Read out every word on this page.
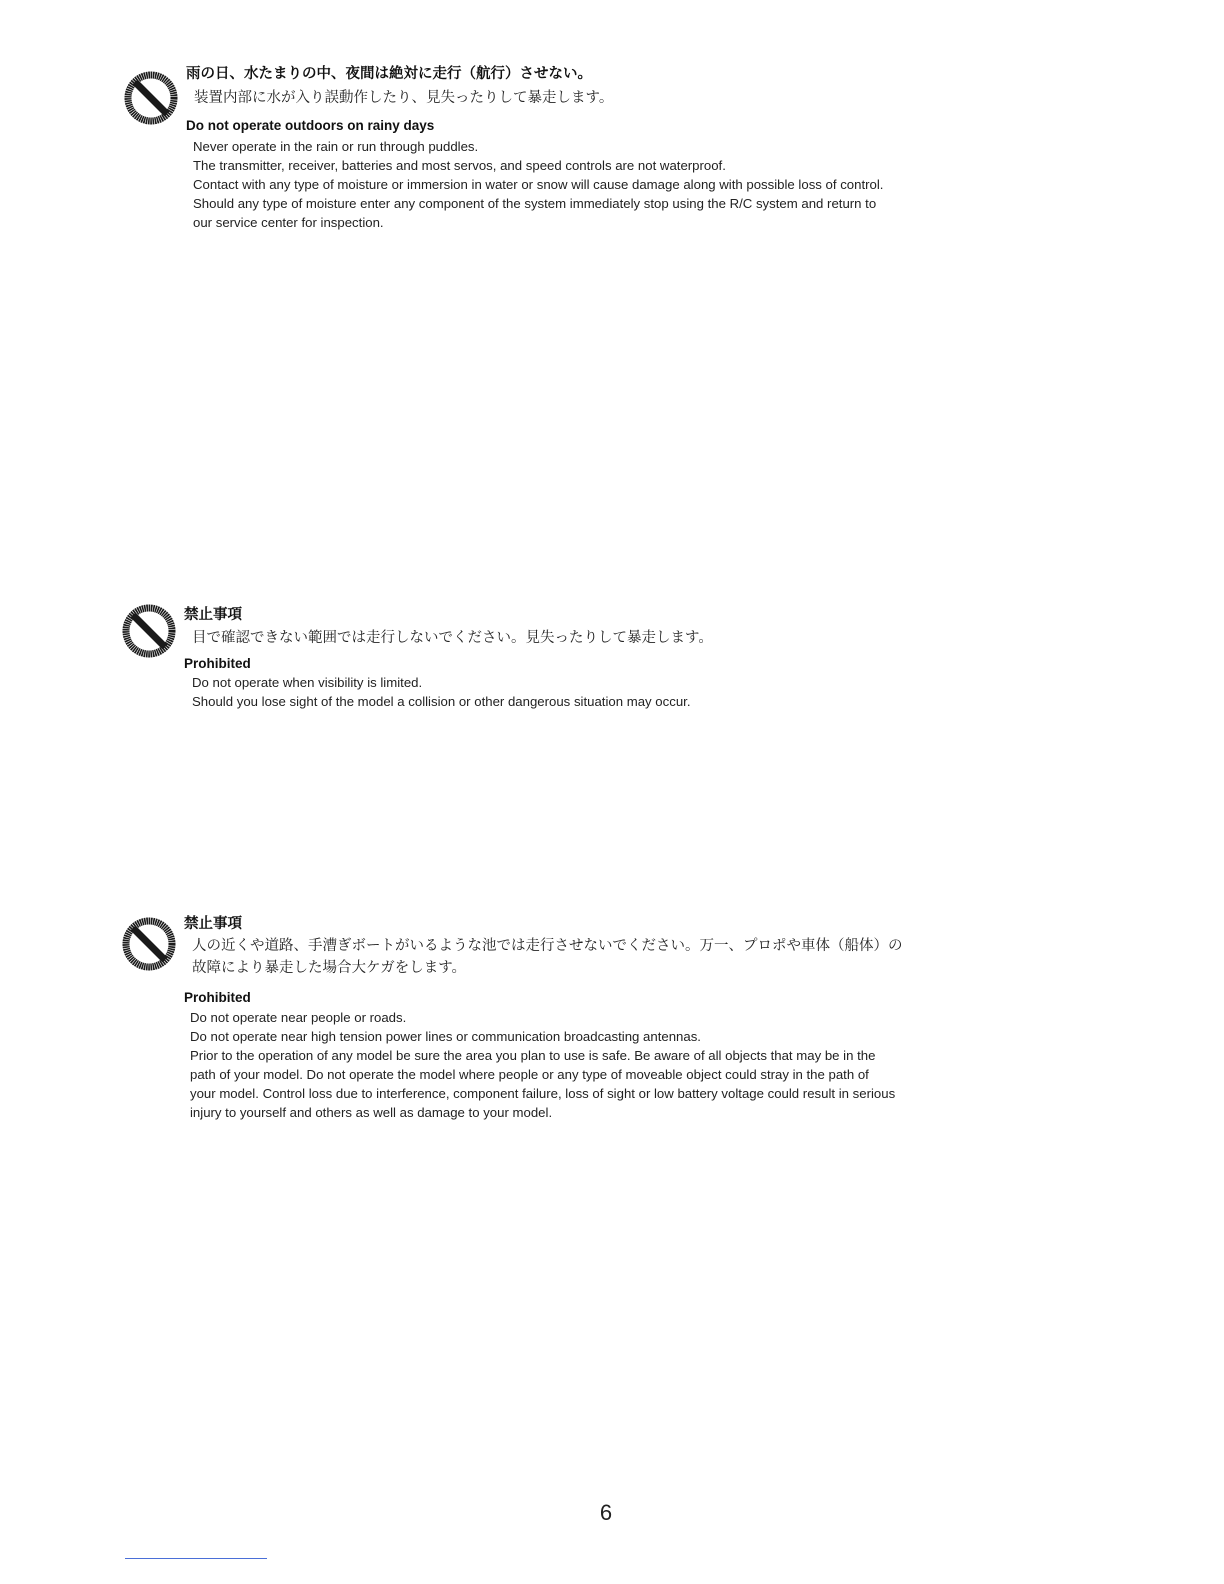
雨の日、水たまりの中、夜間は絶対に走行（航行）させない。
装置内部に水が入り誤動作したり、見失ったりして暴走します。
Do not operate outdoors on rainy days
Never operate in the rain or run through puddles.
The transmitter, receiver, batteries and most servos, and speed controls are not waterproof.
Contact with any type of moisture or immersion in water or snow will cause damage along with possible loss of control.
Should any type of moisture enter any component of the system immediately stop using the R/C system and return to
our service center for inspection.
禁止事項
目で確認できない範囲では走行しないでください。見失ったりして暴走します。
Prohibited
Do not operate when visibility is limited.
Should you lose sight of the model a collision or other dangerous situation may occur.
禁止事項
人の近くや道路、手漕ぎボートがいるような池では走行させないでください。万一、プロポや車体（船体）の
故障により暴走した場合大ケガをします。
Prohibited
Do not operate near people or roads.
Do not operate near high tension power lines or communication broadcasting antennas.
Prior to the operation of any model be sure the area you plan to use is safe. Be aware of all objects that may be in the
path of your model. Do not operate the model where people or any type of moveable object could stray in the path of
your model. Control loss due to interference, component failure, loss of sight or low battery voltage could result in serious
injury to yourself and others as well as damage to your model.
6
